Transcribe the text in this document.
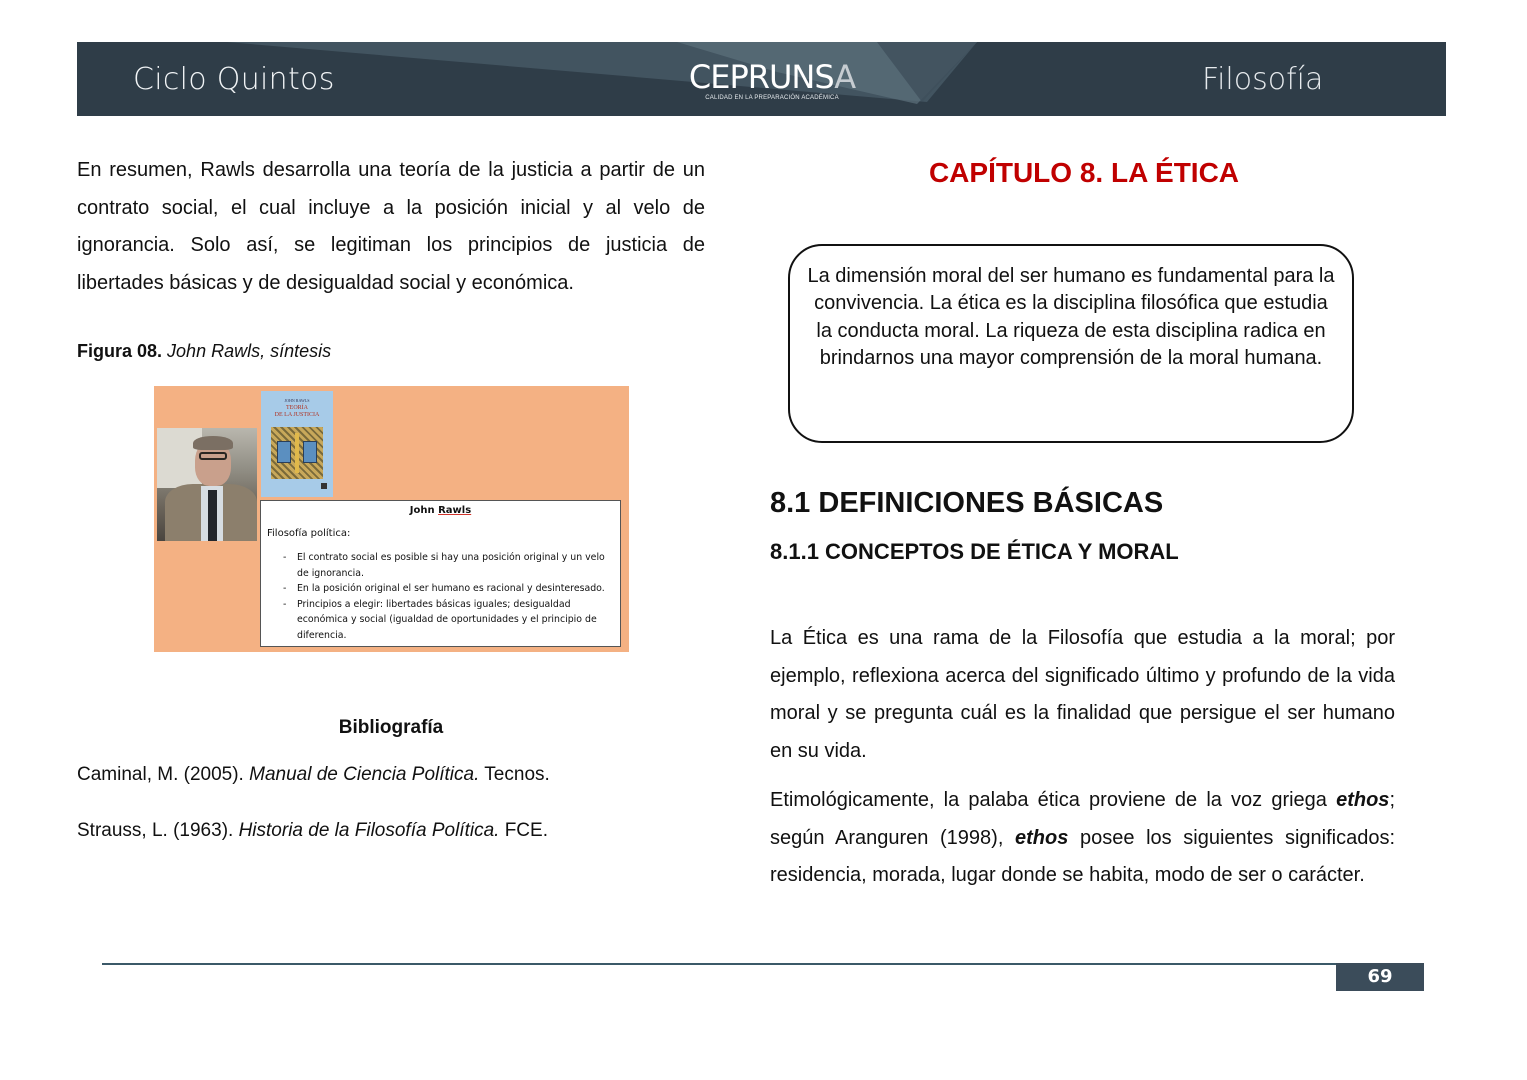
Ciclo Quintos	CEPRUNSA
CALIDAD EN LA PREPARACIÓN ACADÉMICA
Filosofía

En resumen, Rawls desarrolla una teoría de la justicia a partir de un contrato social, el cual incluye a la posición inicial y al velo de ignorancia. Solo así, se legitiman los principios de justicia de libertades básicas y de desigualdad social y económica.

Figura 08. John Rawls, síntesis
JOHN RAWLS
TEORÍA
DE LA JUSTICIA
John Rawls
Filosofía política:
- El contrato social es posible si hay una posición original y un velo de ignorancia.
- En la posición original el ser humano es racional y desinteresado.
- Principios a elegir: libertades básicas iguales; desigualdad económica y social (igualdad de oportunidades y el principio de diferencia.
Bibliografía
Caminal, M. (2005). Manual de Ciencia Política. Tecnos.
Strauss, L. (1963). Historia de la Filosofía Política. FCE.
CAPÍTULO 8. LA ÉTICA
La dimensión moral del ser humano es fundamental para la convivencia. La ética es la disciplina filosófica que estudia la conducta moral. La riqueza de esta disciplina radica en brindarnos una mayor comprensión de la moral humana.
8.1 DEFINICIONES BÁSICAS
8.1.1 CONCEPTOS DE ÉTICA Y MORAL

La Ética es una rama de la Filosofía que estudia a la moral; por ejemplo, reflexiona acerca del significado último y profundo de la vida moral y se pregunta cuál es la finalidad que persigue el ser humano en su vida.

Etimológicamente, la palaba ética proviene de la voz griega ethos; según Aranguren (1998), ethos posee los siguientes significados: residencia, morada, lugar donde se habita, modo de ser o carácter.

69
